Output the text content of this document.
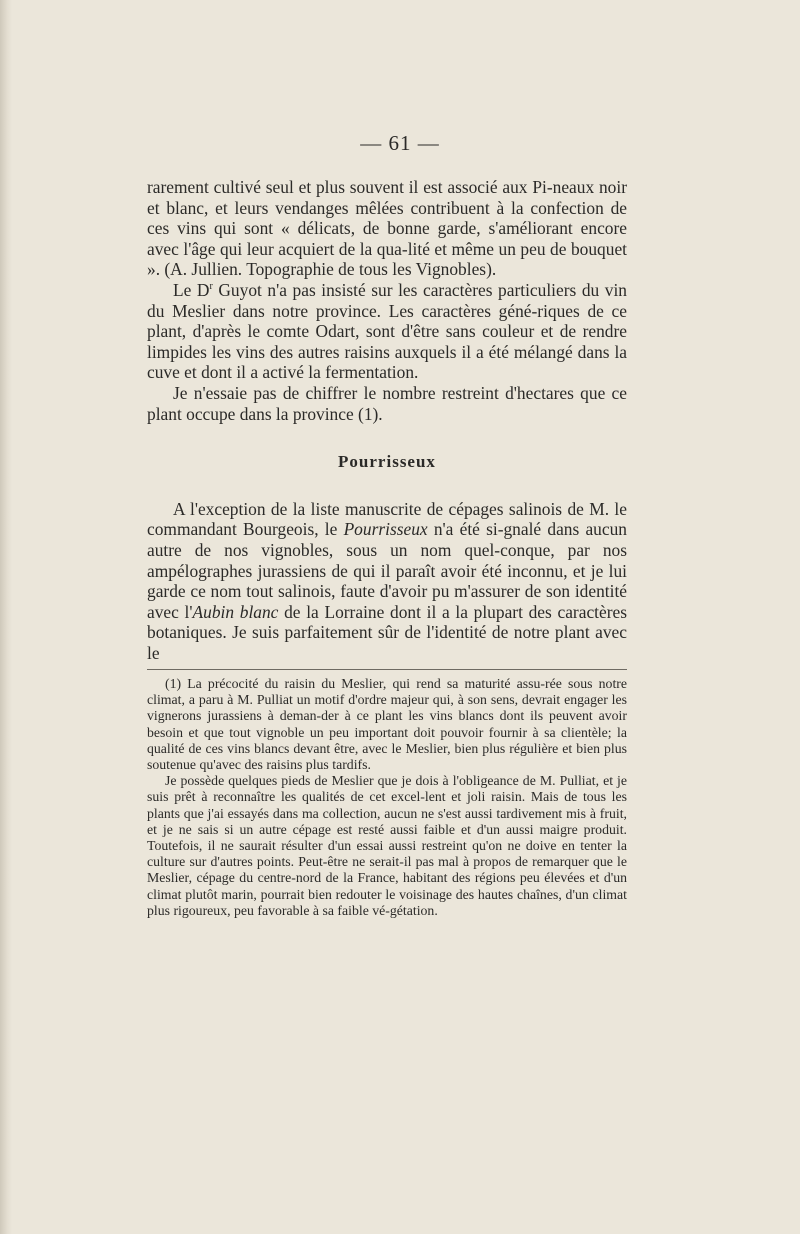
— 61 —

rarement cultivé seul et plus souvent il est associé aux Pi-neaux noir et blanc, et leurs vendanges mêlées contribuent à la confection de ces vins qui sont « délicats, de bonne garde, s'améliorant encore avec l'âge qui leur acquiert de la qua-lité et même un peu de bouquet ». (A. Jullien. Topographie de tous les Vignobles).

Le $D^r$ Guyot n'a pas insisté sur les caractères particuliers du vin du Meslier dans notre province. Les caractères géné-riques de ce plant, d'après le comte Odart, sont d'être sans couleur et de rendre limpides les vins des autres raisins auxquels il a été mélangé dans la cuve et dont il a activé la fermentation.

Je n'essaie pas de chiffrer le nombre restreint d'hectares que ce plant occupe dans la province (1).

Pourrisseux

A l'exception de la liste manuscrite de cépages salinois de M. le commandant Bourgeois, le Pourrisseux n'a été si-gnalé dans aucun autre de nos vignobles, sous un nom quel-conque, par nos ampélographes jurassiens de qui il paraît avoir été inconnu, et je lui garde ce nom tout salinois, faute d'avoir pu m'assurer de son identité avec l'Aubin blanc de la Lorraine dont il a la plupart des caractères botaniques. Je suis parfaitement sûr de l'identité de notre plant avec le

(1) La précocité du raisin du Meslier, qui rend sa maturité assu-rée sous notre climat, a paru à M. Pulliat un motif d'ordre majeur qui, à son sens, devrait engager les vignerons jurassiens à deman-der à ce plant les vins blancs dont ils peuvent avoir besoin et que tout vignoble un peu important doit pouvoir fournir à sa clientèle; la qualité de ces vins blancs devant être, avec le Meslier, bien plus régulière et bien plus soutenue qu'avec des raisins plus tardifs.

Je possède quelques pieds de Meslier que je dois à l'obligeance de M. Pulliat, et je suis prêt à reconnaître les qualités de cet excel-lent et joli raisin. Mais de tous les plants que j'ai essayés dans ma collection, aucun ne s'est aussi tardivement mis à fruit, et je ne sais si un autre cépage est resté aussi faible et d'un aussi maigre produit. Toutefois, il ne saurait résulter d'un essai aussi restreint qu'on ne doive en tenter la culture sur d'autres points. Peut-être ne serait-il pas mal à propos de remarquer que le Meslier, cépage du centre-nord de la France, habitant des régions peu élevées et d'un climat plutôt marin, pourrait bien redouter le voisinage des hautes chaînes, d'un climat plus rigoureux, peu favorable à sa faible vé-gétation.
